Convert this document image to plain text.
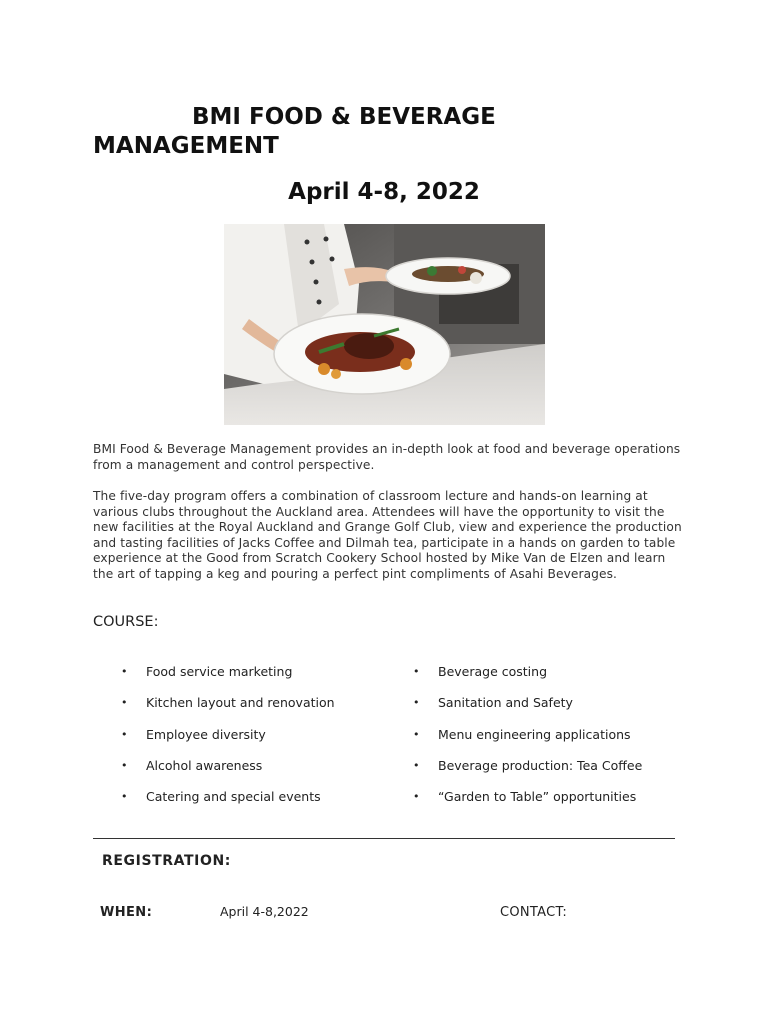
BMI FOOD & BEVERAGE MANAGEMENT
April 4-8, 2022

BMI Food & Beverage Management provides an in-depth look at food and beverage operations from a management and control perspective.

The five-day program offers a combination of classroom lecture and hands-on learning at various clubs throughout the Auckland area. Attendees will have the opportunity to visit the new facilities at the Royal Auckland and Grange Golf Club, view and experience the production and tasting facilities of Jacks Coffee and Dilmah tea, participate in a hands on garden to table experience at the Good from Scratch Cookery School hosted by Mike Van de Elzen and learn the art of tapping a keg and pouring a perfect pint compliments of Asahi Beverages.

COURSE:

• Food service marketing
• Kitchen layout and renovation
• Employee diversity
• Alcohol awareness
• Catering and special events
• Beverage costing
• Sanitation and Safety
• Menu engineering applications
• Beverage production: Tea Coffee
• “Garden to Table” opportunities
REGISTRATION:
WHEN:	April 4-8,2022	CONTACT:
